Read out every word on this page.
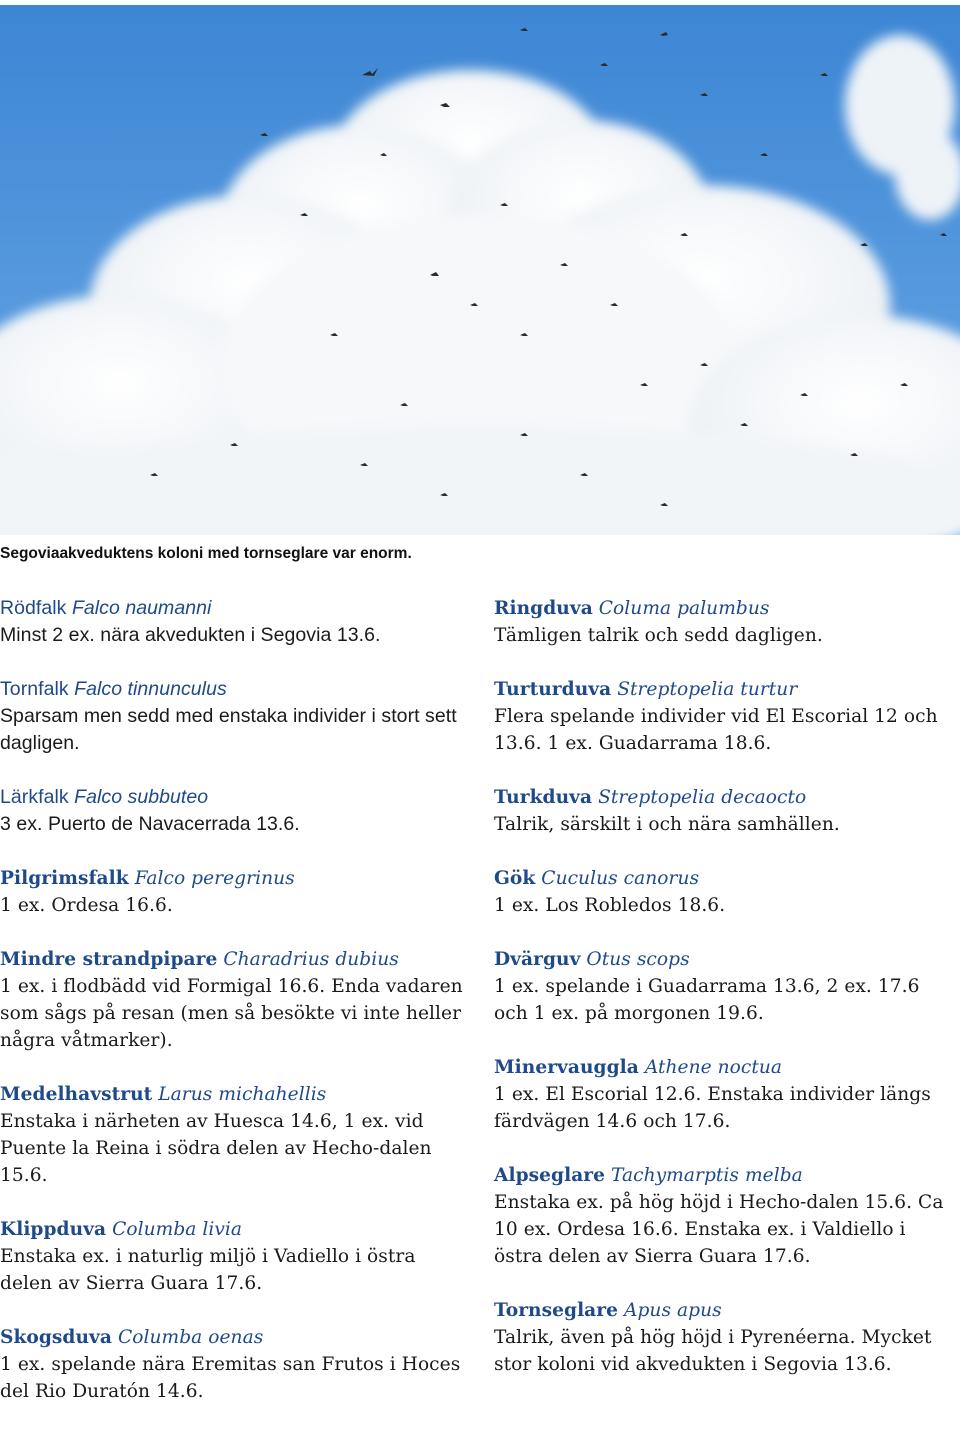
Segoviaakveduktens koloni med tornseglare var enorm.
Rödfalk Falco naumanni
Minst 2 ex. nära akvedukten i Segovia 13.6.
Tornfalk Falco tinnunculus
Sparsam men sedd med enstaka individer i stort sett dagligen.
Lärkfalk Falco subbuteo
3 ex. Puerto de Navacerrada 13.6.
Pilgrimsfalk Falco peregrinus
1 ex. Ordesa 16.6.
Mindre strandpipare Charadrius dubius
1 ex. i flodbädd vid Formigal 16.6. Enda vadaren som sågs på resan (men så besökte vi inte heller några våtmarker).
Medelhavstrut Larus michahellis
Enstaka i närheten av Huesca 14.6, 1 ex. vid Puente la Reina i södra delen av Hecho-dalen 15.6.
Klippduva Columba livia
Enstaka ex. i naturlig miljö i Vadiello i östra delen av Sierra Guara 17.6.
Skogsduva Columba oenas
1 ex. spelande nära Eremitas san Frutos i Hoces del Rio Duratón 14.6.
Ringduva Columa palumbus
Tämligen talrik och sedd dagligen.
Turturduva Streptopelia turtur
Flera spelande individer vid El Escorial 12 och 13.6. 1 ex. Guadarrama 18.6.
Turkduva Streptopelia decaocto
Talrik, särskilt i och nära samhällen.
Gök Cuculus canorus
1 ex. Los Robledos 18.6.
Dvärguv Otus scops
1 ex. spelande i Guadarrama 13.6, 2 ex. 17.6 och 1 ex. på morgonen 19.6.
Minervauggla Athene noctua
1 ex. El Escorial 12.6. Enstaka individer längs färdvägen 14.6 och 17.6.
Alpseglare Tachymarptis melba
Enstaka ex. på hög höjd i Hecho-dalen 15.6. Ca 10 ex. Ordesa 16.6. Enstaka ex. i Valdiello i östra delen av Sierra Guara 17.6.
Tornseglare Apus apus
Talrik, även på hög höjd i Pyrenéerna. Mycket stor koloni vid akvedukten i Segovia 13.6.
